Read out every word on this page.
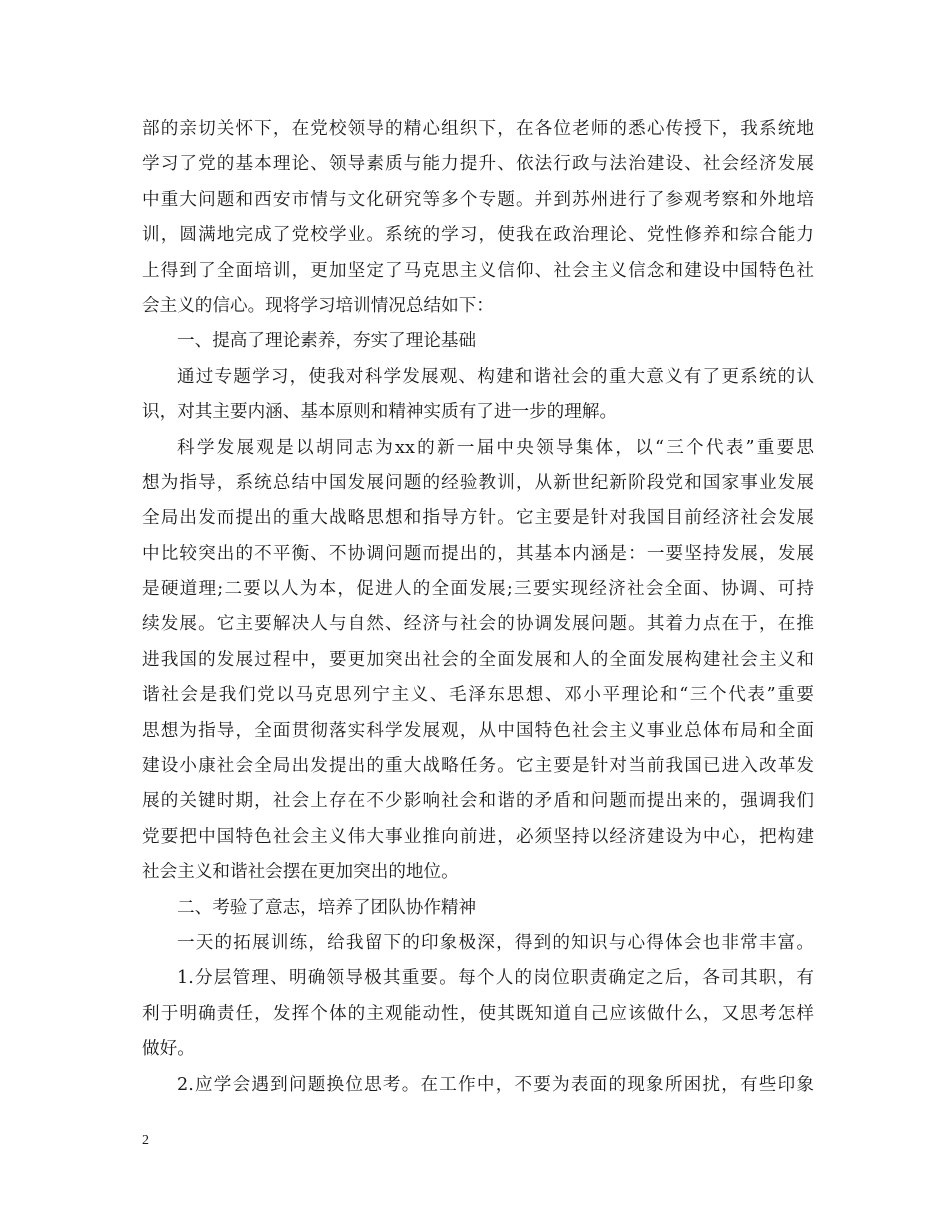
部的亲切关怀下，在党校领导的精心组织下，在各位老师的悉心传授下，我系统地
学习了党的基本理论、领导素质与能力提升、依法行政与法治建设、社会经济发展
中重大问题和西安市情与文化研究等多个专题。并到苏州进行了参观考察和外地培
训，圆满地完成了党校学业。系统的学习，使我在政治理论、党性修养和综合能力
上得到了全面培训，更加坚定了马克思主义信仰、社会主义信念和建设中国特色社
会主义的信心。现将学习培训情况总结如下：
一、提高了理论素养，夯实了理论基础
通过专题学习，使我对科学发展观、构建和谐社会的重大意义有了更系统的认
识，对其主要内涵、基本原则和精神实质有了进一步的理解。
科学发展观是以胡同志为xx的新一届中央领导集体，以“三个代表”重要思
想为指导，系统总结中国发展问题的经验教训，从新世纪新阶段党和国家事业发展
全局出发而提出的重大战略思想和指导方针。它主要是针对我国目前经济社会发展
中比较突出的不平衡、不协调问题而提出的，其基本内涵是：一要坚持发展，发展
是硬道理;二要以人为本，促进人的全面发展;三要实现经济社会全面、协调、可持
续发展。它主要解决人与自然、经济与社会的协调发展问题。其着力点在于，在推
进我国的发展过程中，要更加突出社会的全面发展和人的全面发展构建社会主义和
谐社会是我们党以马克思列宁主义、毛泽东思想、邓小平理论和“三个代表”重要
思想为指导，全面贯彻落实科学发展观，从中国特色社会主义事业总体布局和全面
建设小康社会全局出发提出的重大战略任务。它主要是针对当前我国已进入改革发
展的关键时期，社会上存在不少影响社会和谐的矛盾和问题而提出来的，强调我们
党要把中国特色社会主义伟大事业推向前进，必须坚持以经济建设为中心，把构建
社会主义和谐社会摆在更加突出的地位。
二、考验了意志，培养了团队协作精神
一天的拓展训练，给我留下的印象极深，得到的知识与心得体会也非常丰富。
1.分层管理、明确领导极其重要。每个人的岗位职责确定之后，各司其职，有
利于明确责任，发挥个体的主观能动性，使其既知道自己应该做什么，又思考怎样
做好。
2.应学会遇到问题换位思考。在工作中，不要为表面的现象所困扰，有些印象
2
